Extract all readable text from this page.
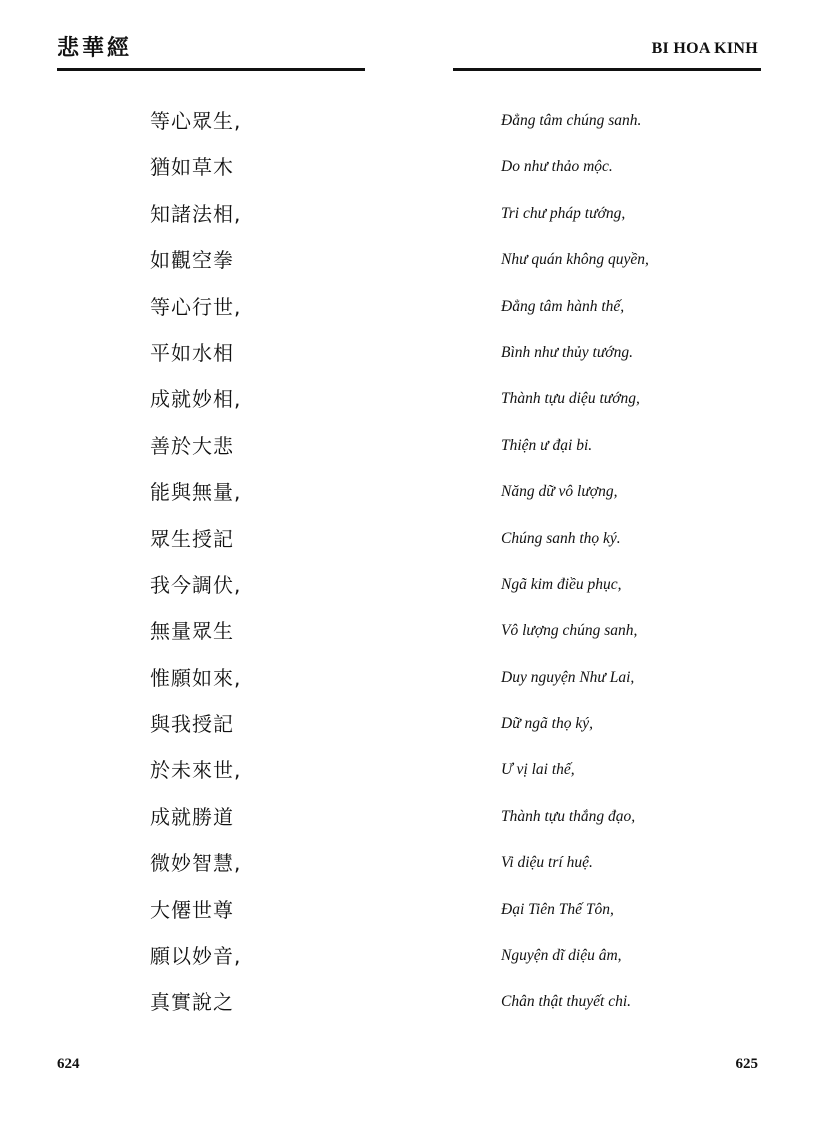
悲華經
等心眾生,
猶如草木
知諸法相,
如觀空拳
等心行世,
平如水相
成就妙相,
善於大悲
能與無量,
眾生授記
我今調伏,
無量眾生
惟願如來,
與我授記
於未來世,
成就勝道
微妙智慧,
大僊世尊
願以妙音,
真實說之
624
BI HOA KINH
Đẳng tâm chúng sanh.
Do như thảo mộc.
Tri chư pháp tướng,
Như quán không quyền,
Đẳng tâm hành thế,
Bình như thủy tướng.
Thành tựu diệu tướng,
Thiện ư đại bi.
Năng dữ vô lượng,
Chúng sanh thọ ký.
Ngã kim điều phục,
Vô lượng chúng sanh,
Duy nguyện Như Lai,
Dữ ngã thọ ký,
Ư vị lai thế,
Thành tựu thắng đạo,
Vi diệu trí huệ.
Đại Tiên Thế Tôn,
Nguyện dĩ diệu âm,
Chân thật thuyết chi.
625
